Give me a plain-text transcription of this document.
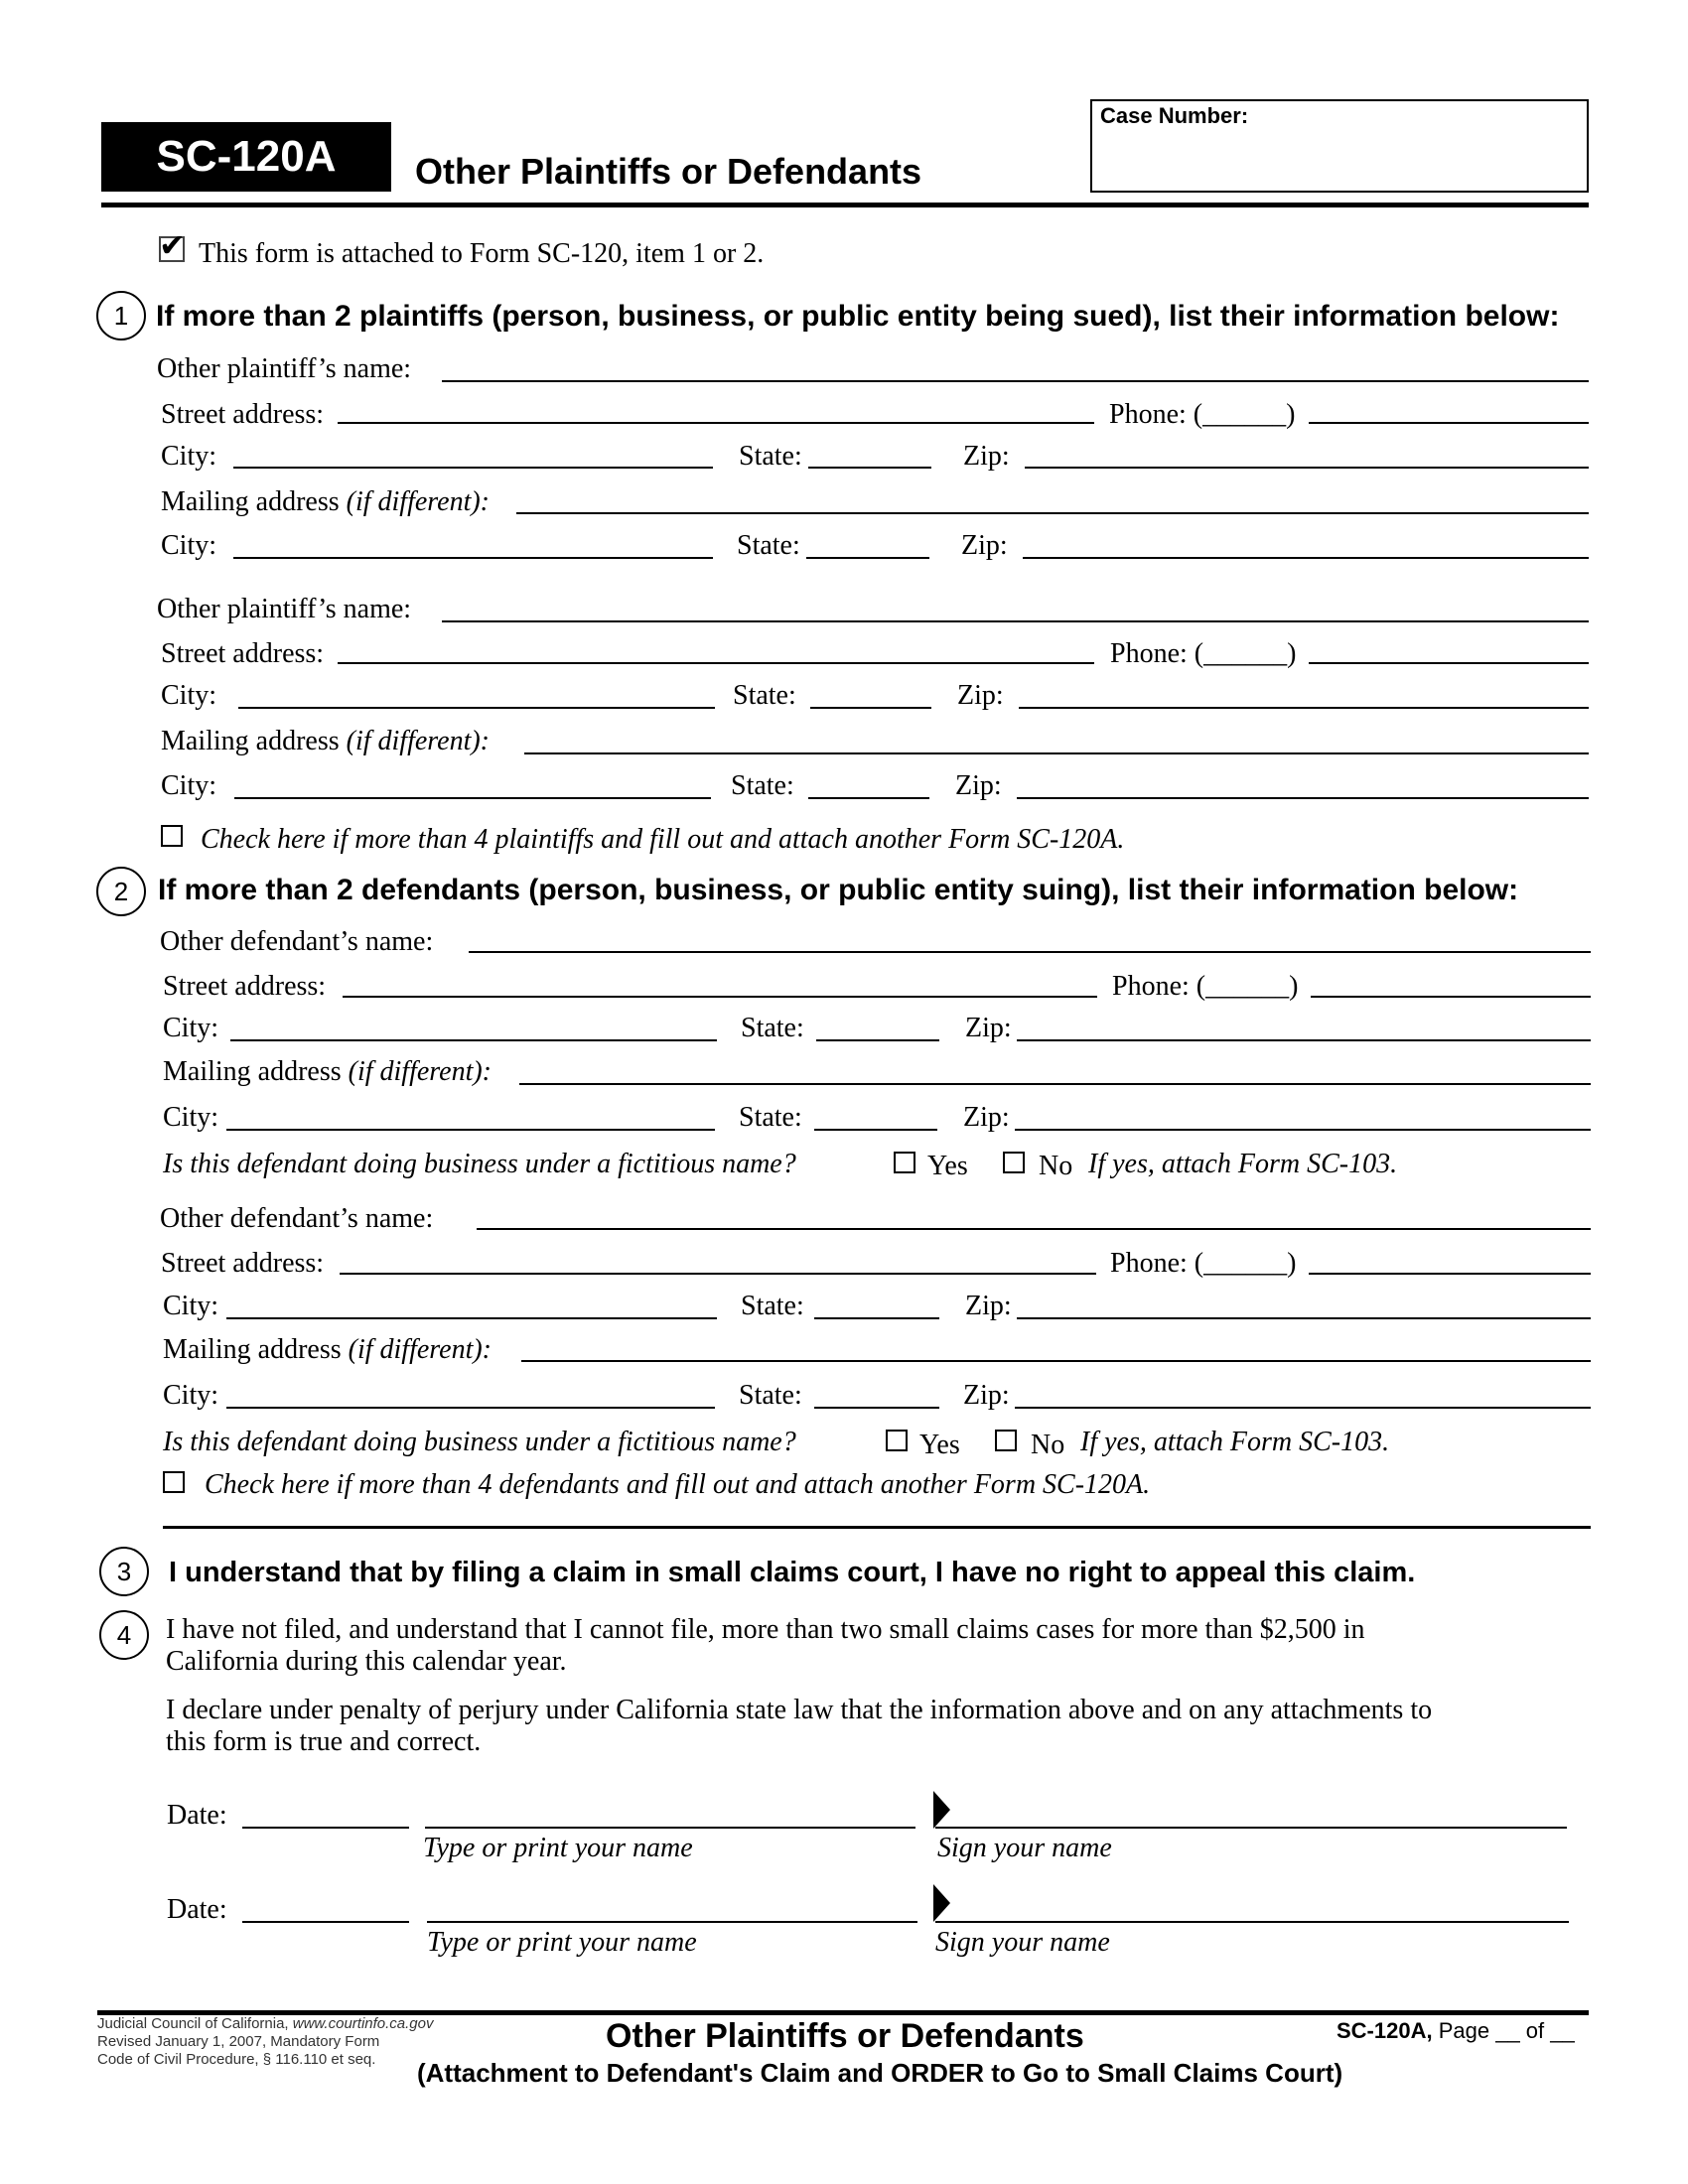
SC-120A	Other Plaintiffs or Defendants
Case Number:
✔ This form is attached to Form SC-120, item 1 or 2.
1 If more than 2 plaintiffs (person, business, or public entity being sued), list their information below:
Other plaintiff’s name:
Street address:	Phone: (______)
City:	State:	Zip:
Mailing address (if different):
City:	State:	Zip:
Other plaintiff’s name:
Street address:	Phone: (______)
City:	State:	Zip:
Mailing address (if different):
City:	State:	Zip:
Check here if more than 4 plaintiffs and fill out and attach another Form SC-120A.
2 If more than 2 defendants (person, business, or public entity suing), list their information below:
Other defendant’s name:
Street address:	Phone: (______)
City:	State:	Zip:
Mailing address (if different):
City:	State:	Zip:
Is this defendant doing business under a fictitious name?	Yes	No If yes, attach Form SC-103.
Other defendant’s name:
Street address:	Phone: (______)
City:	State:	Zip:
Mailing address (if different):
City:	State:	Zip:
Is this defendant doing business under a fictitious name?	Yes	No If yes, attach Form SC-103.
Check here if more than 4 defendants and fill out and attach another Form SC-120A.
3	I understand that by filing a claim in small claims court, I have no right to appeal this claim.
4	I have not filed, and understand that I cannot file, more than two small claims cases for more than $2,500 in
California during this calendar year.
I declare under penalty of perjury under California state law that the information above and on any attachments to
this form is true and correct.
Date:
Type or print your name	Sign your name
Date:
Type or print your name	Sign your name
Judicial Council of California, www.courtinfo.ca.gov
Revised January 1, 2007, Mandatory Form
Code of Civil Procedure, § 116.110 et seq.
Other Plaintiffs or Defendants
(Attachment to Defendant's Claim and ORDER to Go to Small Claims Court)
SC-120A, Page __ of __
